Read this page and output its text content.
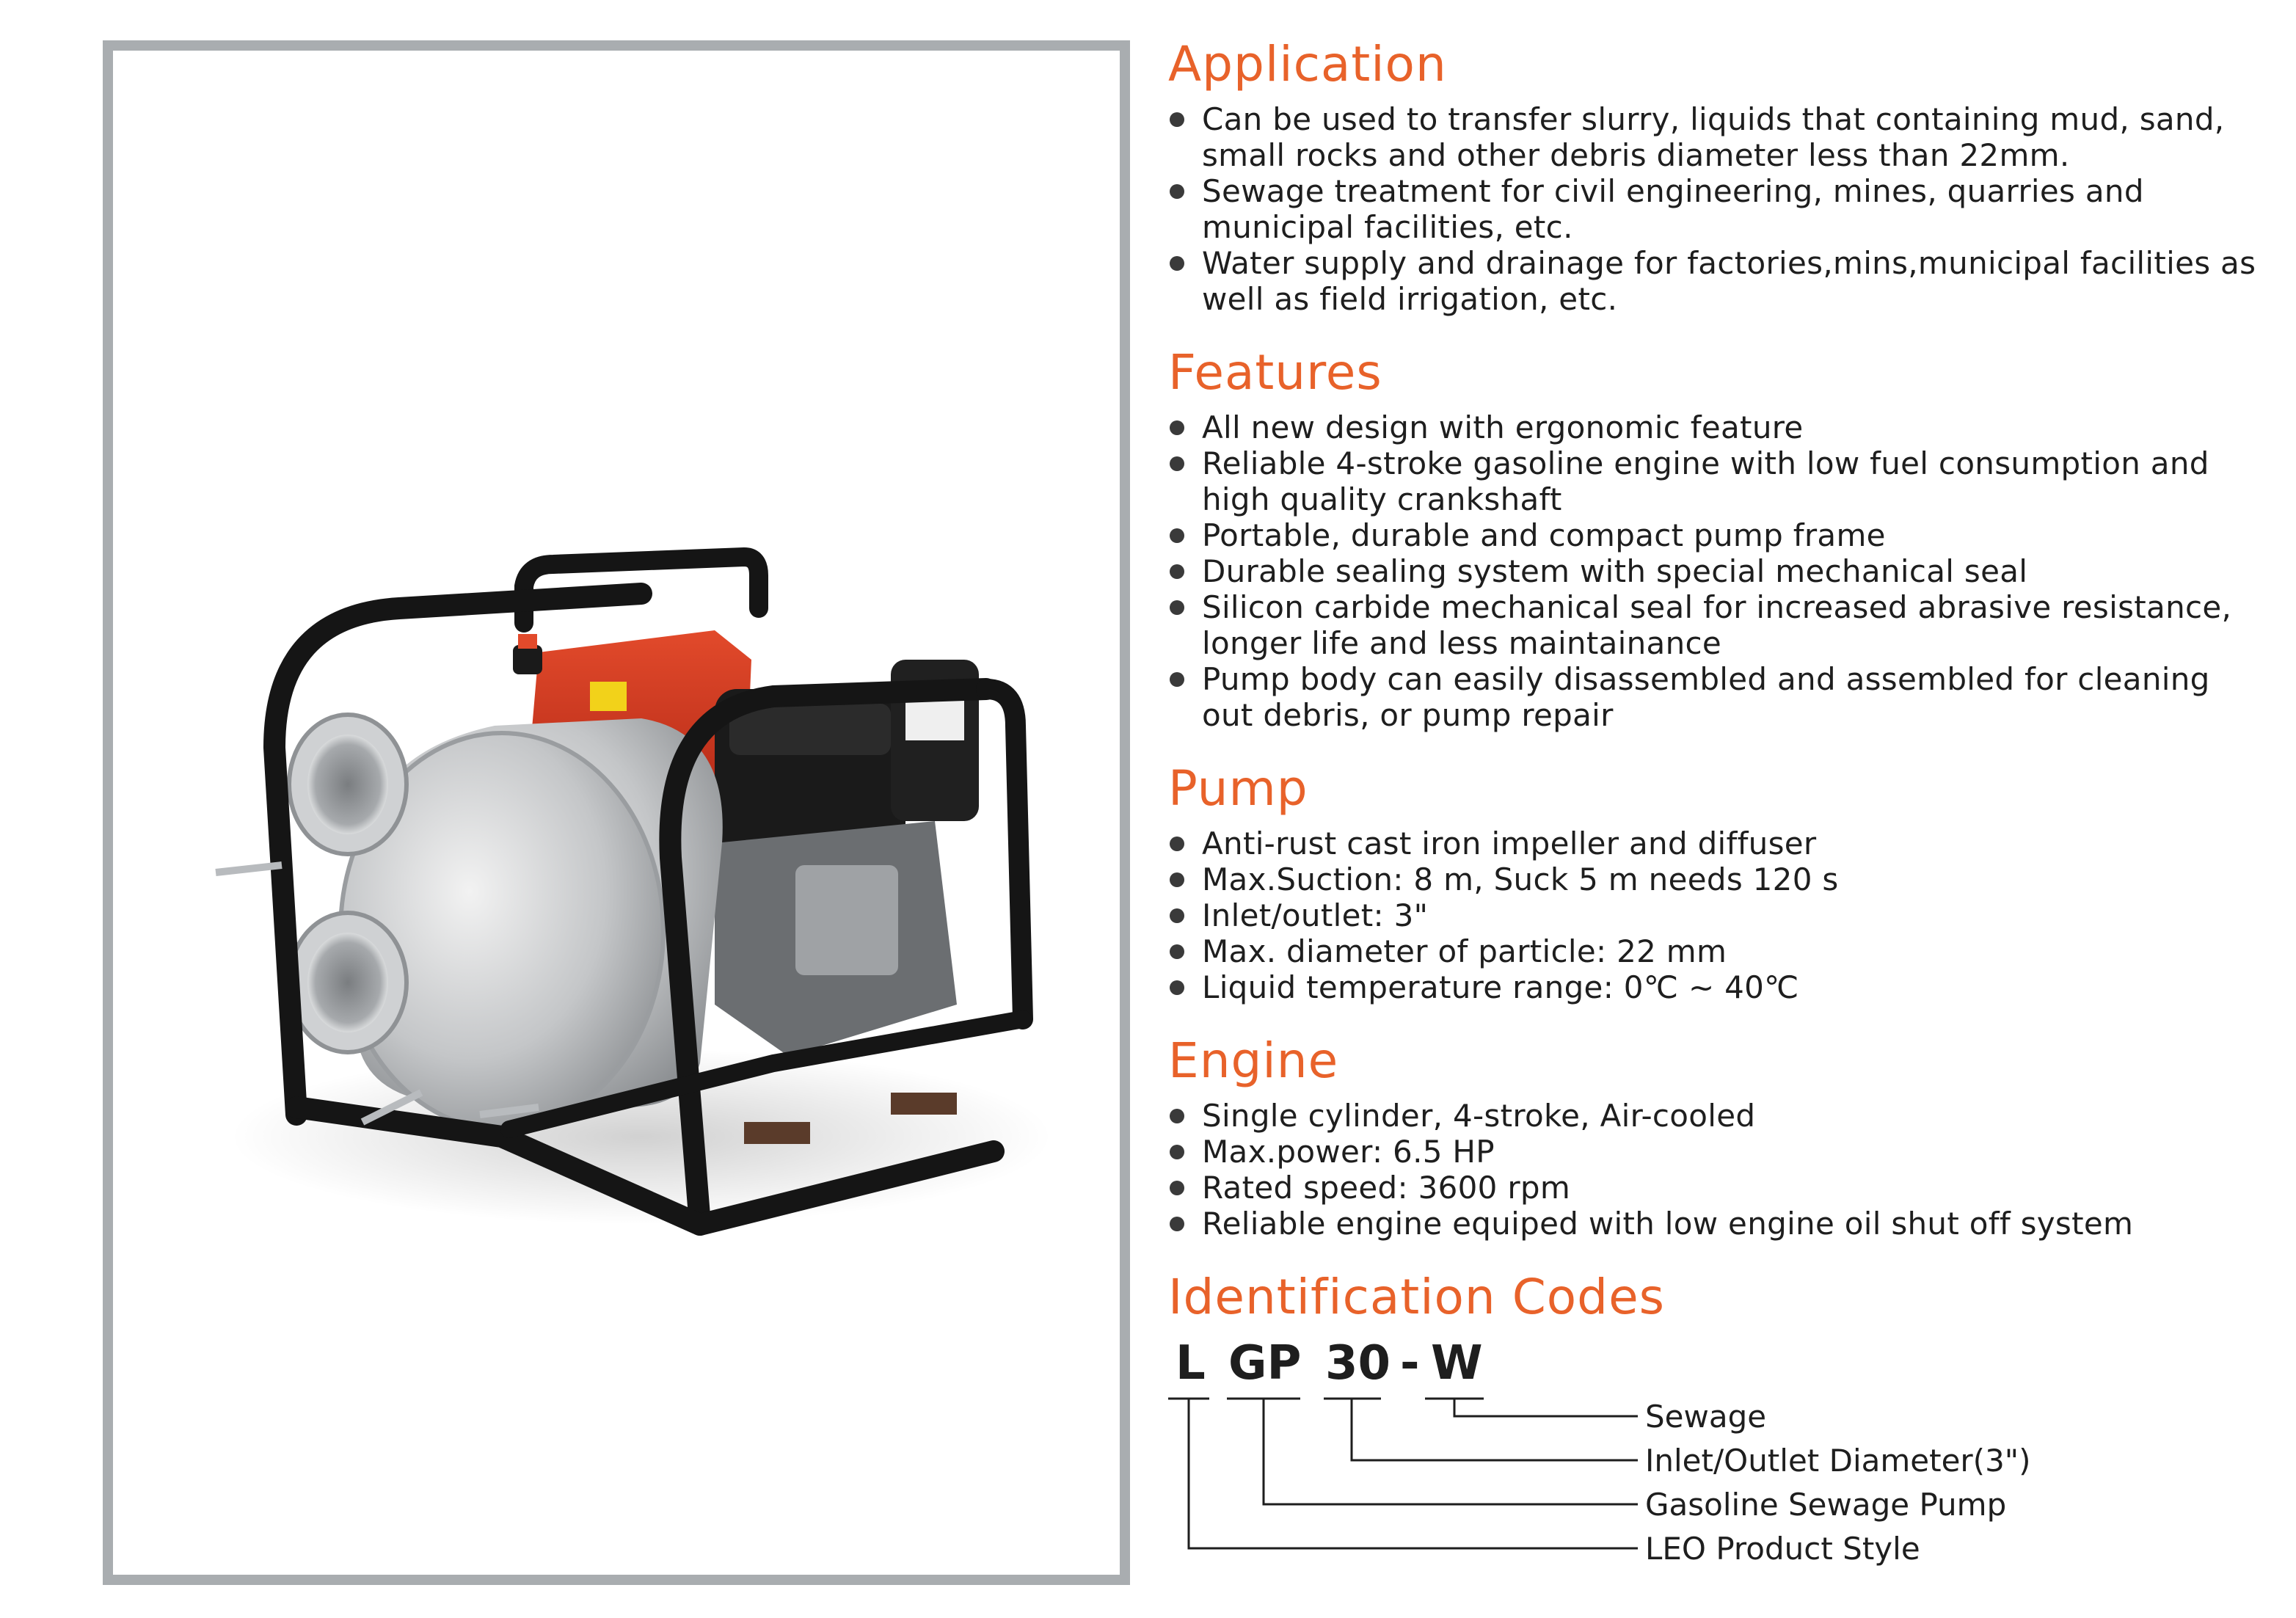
Application
Can be used to transfer slurry, liquids that containing mud, sand, small rocks and other debris diameter less than 22mm.
Sewage treatment for civil engineering, mines, quarries and municipal facilities, etc.
Water supply and drainage for factories,mins,municipal facilities as well as field irrigation, etc.
Features
All new design with ergonomic feature
Reliable 4-stroke gasoline engine with low fuel consumption and high quality crankshaft
Portable, durable and compact pump frame
Durable sealing system with special mechanical seal
Silicon carbide mechanical seal for increased abrasive resistance, longer life and less maintainance
Pump body can easily disassembled and assembled for cleaning out debris, or pump repair
Pump
Anti-rust cast iron impeller and diffuser
Max.Suction: 8 m, Suck 5 m needs 120 s
Inlet/outlet: 3"
Max. diameter of particle: 22 mm
Liquid temperature range: 0℃ ~ 40℃
Engine
Single cylinder, 4-stroke, Air-cooled
Max.power: 6.5 HP
Rated speed: 3600 rpm
Reliable engine equiped with low engine oil shut off system
Identification Codes
L GP 30 - W
Sewage
Inlet/Outlet Diameter(3")
Gasoline Sewage Pump
LEO Product Style
